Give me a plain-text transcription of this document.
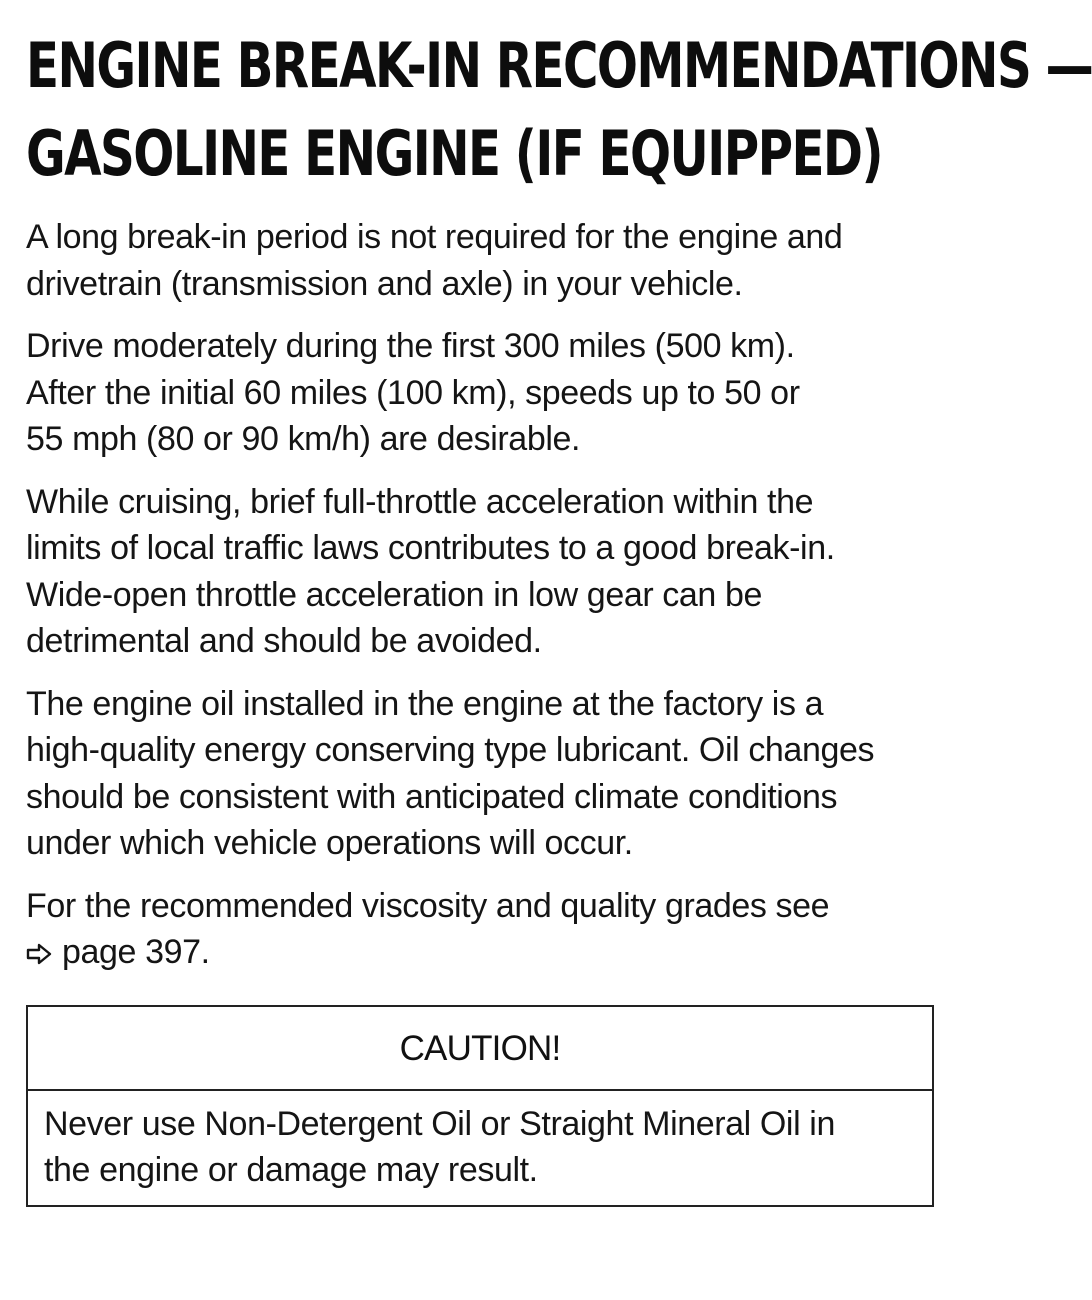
ENGINE BREAK-IN RECOMMENDATIONS —
GASOLINE ENGINE (IF EQUIPPED)

A long break-in period is not required for the engine and
drivetrain (transmission and axle) in your vehicle.

Drive moderately during the first 300 miles (500 km).
After the initial 60 miles (100 km), speeds up to 50 or
55 mph (80 or 90 km/h) are desirable.

While cruising, brief full-throttle acceleration within the
limits of local traffic laws contributes to a good break-in.
Wide-open throttle acceleration in low gear can be
detrimental and should be avoided.

The engine oil installed in the engine at the factory is a
high-quality energy conserving type lubricant. Oil changes
should be consistent with anticipated climate conditions
under which vehicle operations will occur.

For the recommended viscosity and quality grades see
page 397.

CAUTION!
Never use Non-Detergent Oil or Straight Mineral Oil in
the engine or damage may result.
